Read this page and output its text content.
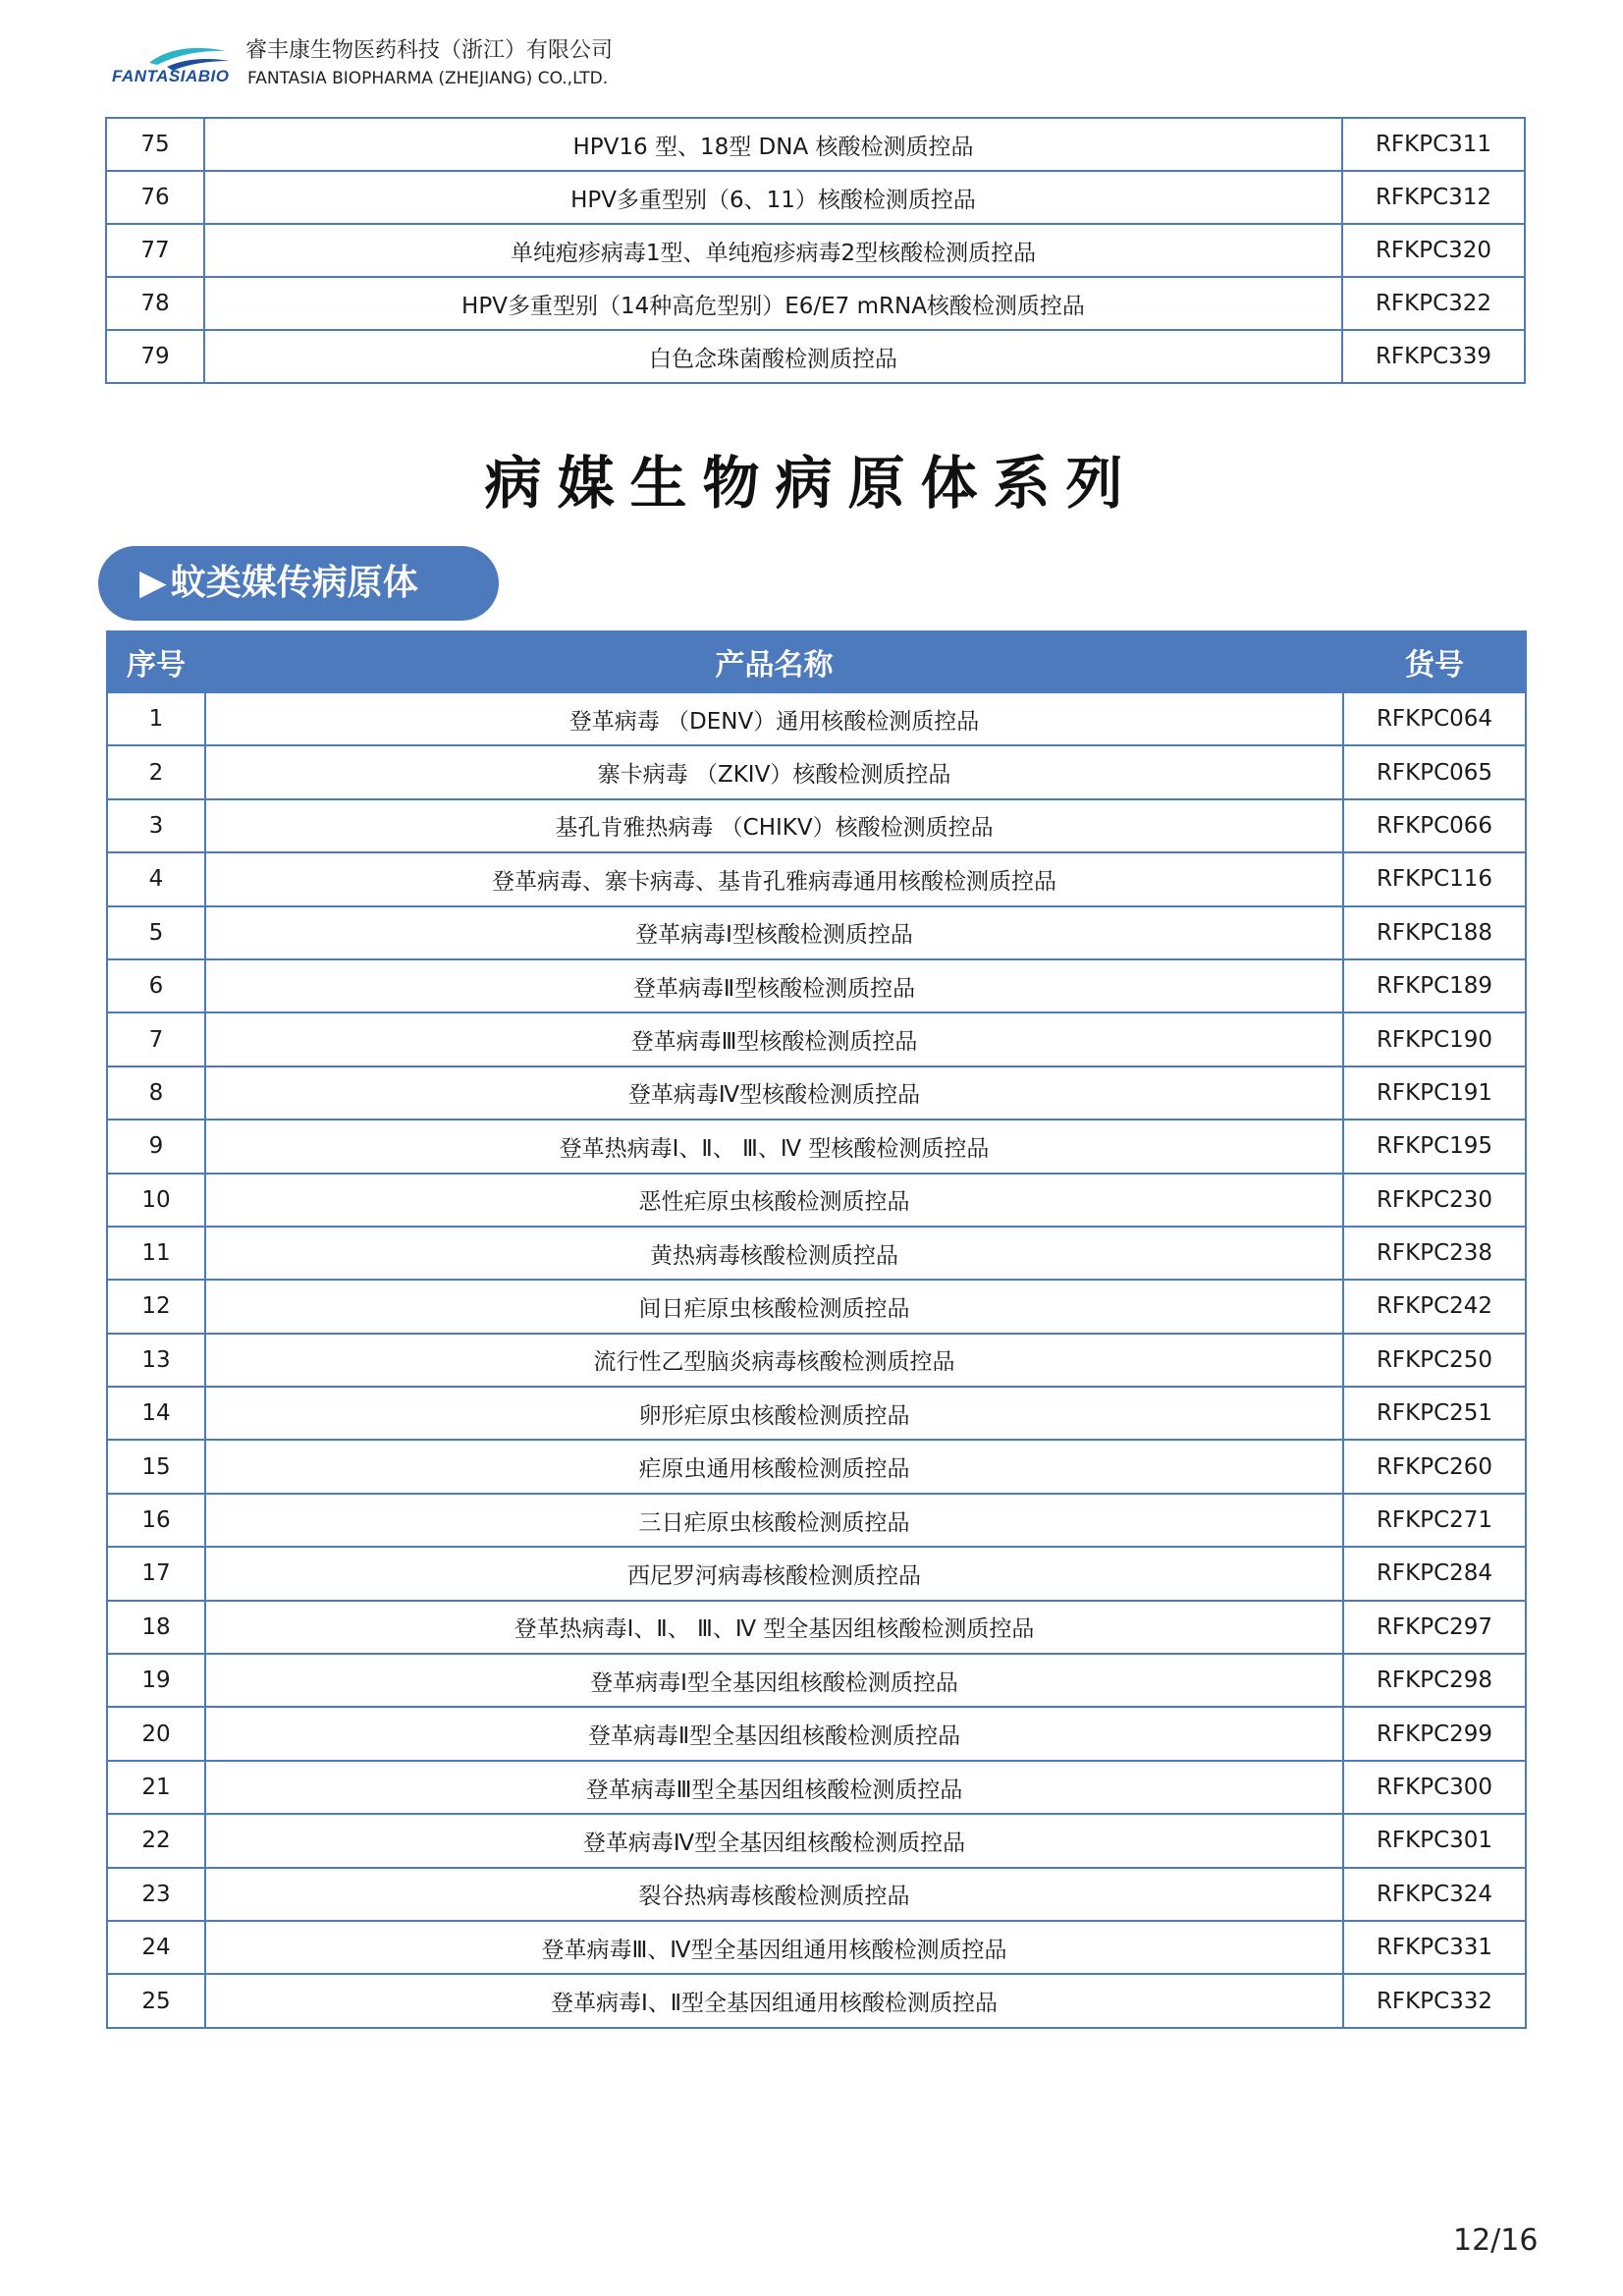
FANTASIABIO
睿丰康生物医药科技（浙江）有限公司
FANTASIA BIOPHARMA (ZHEJIANG) CO.,LTD.
75	HPV16 型、18型 DNA 核酸检测质控品	RFKPC311
76	HPV多重型别（6、11）核酸检测质控品	RFKPC312
77	单纯疱疹病毒1型、单纯疱疹病毒2型核酸检测质控品	RFKPC320
78	HPV多重型别（14种高危型别）E6/E7 mRNA核酸检测质控品	RFKPC322
79	白色念珠菌酸检测质控品	RFKPC339
病媒生物病原体系列
▶ 蚊类媒传病原体
序号	产品名称	货号
1	登革病毒 （DENV）通用核酸检测质控品	RFKPC064
2	寨卡病毒 （ZKIV）核酸检测质控品	RFKPC065
3	基孔肯雅热病毒 （CHIKV）核酸检测质控品	RFKPC066
4	登革病毒、寨卡病毒、基肯孔雅病毒通用核酸检测质控品	RFKPC116
5	登革病毒Ⅰ型核酸检测质控品	RFKPC188
6	登革病毒Ⅱ型核酸检测质控品	RFKPC189
7	登革病毒Ⅲ型核酸检测质控品	RFKPC190
8	登革病毒Ⅳ型核酸检测质控品	RFKPC191
9	登革热病毒Ⅰ、Ⅱ、 Ⅲ、Ⅳ 型核酸检测质控品	RFKPC195
10	恶性疟原虫核酸检测质控品	RFKPC230
11	黄热病毒核酸检测质控品	RFKPC238
12	间日疟原虫核酸检测质控品	RFKPC242
13	流行性乙型脑炎病毒核酸检测质控品	RFKPC250
14	卵形疟原虫核酸检测质控品	RFKPC251
15	疟原虫通用核酸检测质控品	RFKPC260
16	三日疟原虫核酸检测质控品	RFKPC271
17	西尼罗河病毒核酸检测质控品	RFKPC284
18	登革热病毒Ⅰ、Ⅱ、 Ⅲ、Ⅳ 型全基因组核酸检测质控品	RFKPC297
19	登革病毒Ⅰ型全基因组核酸检测质控品	RFKPC298
20	登革病毒Ⅱ型全基因组核酸检测质控品	RFKPC299
21	登革病毒Ⅲ型全基因组核酸检测质控品	RFKPC300
22	登革病毒Ⅳ型全基因组核酸检测质控品	RFKPC301
23	裂谷热病毒核酸检测质控品	RFKPC324
24	登革病毒Ⅲ、Ⅳ型全基因组通用核酸检测质控品	RFKPC331
25	登革病毒Ⅰ、Ⅱ型全基因组通用核酸检测质控品	RFKPC332
12/16
